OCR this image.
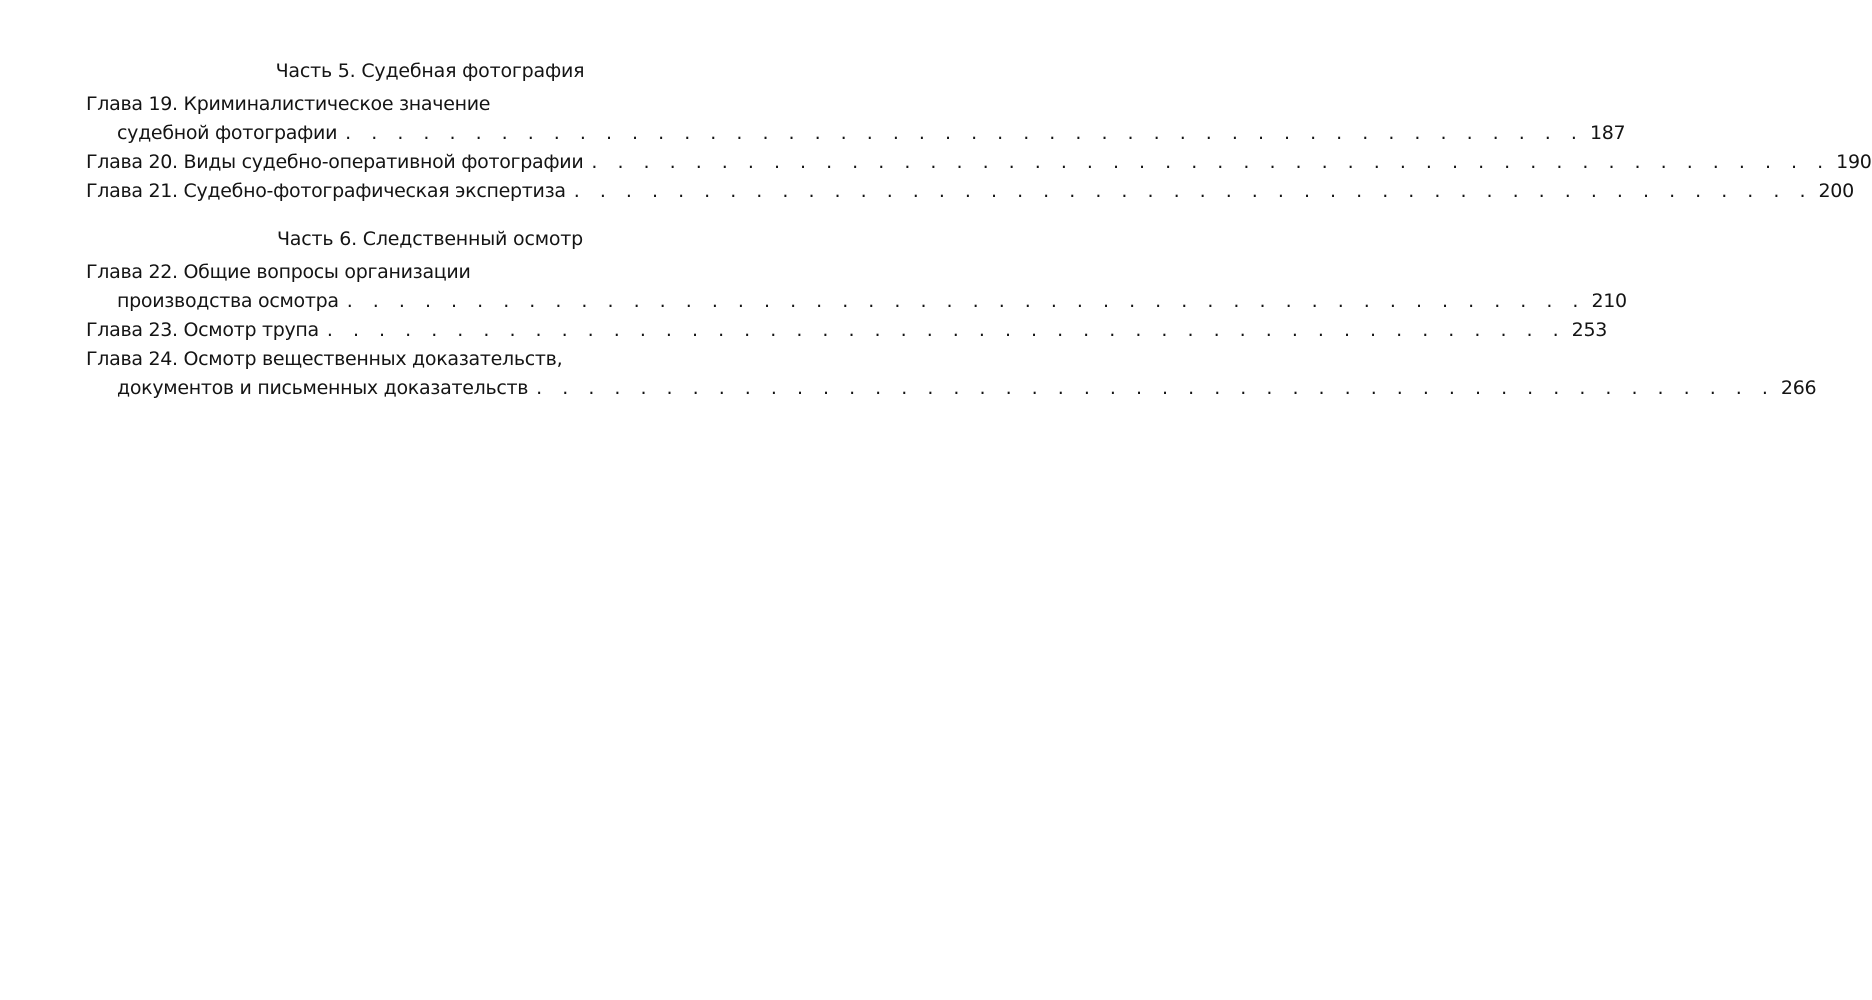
Часть 5. Судебная фотография
Глава 19. Криминалистическое значение
судебной фотографии . . . . . . . . . . . . . . . . . . . . . . . . . . . . . . . . . . . . . . . . . . . . . . . . 187
Глава 20. Виды судебно-оперативной фотографии . . . . . . . . . . . . . . . . . . . . . . . . . . . . . . . . . . . . . . . . . . . . . . . . 190
Глава 21. Судебно-фотографическая экспертиза . . . . . . . . . . . . . . . . . . . . . . . . . . . . . . . . . . . . . . . . . . . . . . . . 200
Часть 6. Следственный осмотр
Глава 22. Общие вопросы организации
производства осмотра . . . . . . . . . . . . . . . . . . . . . . . . . . . . . . . . . . . . . . . . . . . . . . . . 210
Глава 23. Осмотр трупа . . . . . . . . . . . . . . . . . . . . . . . . . . . . . . . . . . . . . . . . . . . . . . . . 253
Глава 24. Осмотр вещественных доказательств,
документов и письменных доказательств . . . . . . . . . . . . . . . . . . . . . . . . . . . . . . . . . . . . . . . . . . . . . . . . 266
